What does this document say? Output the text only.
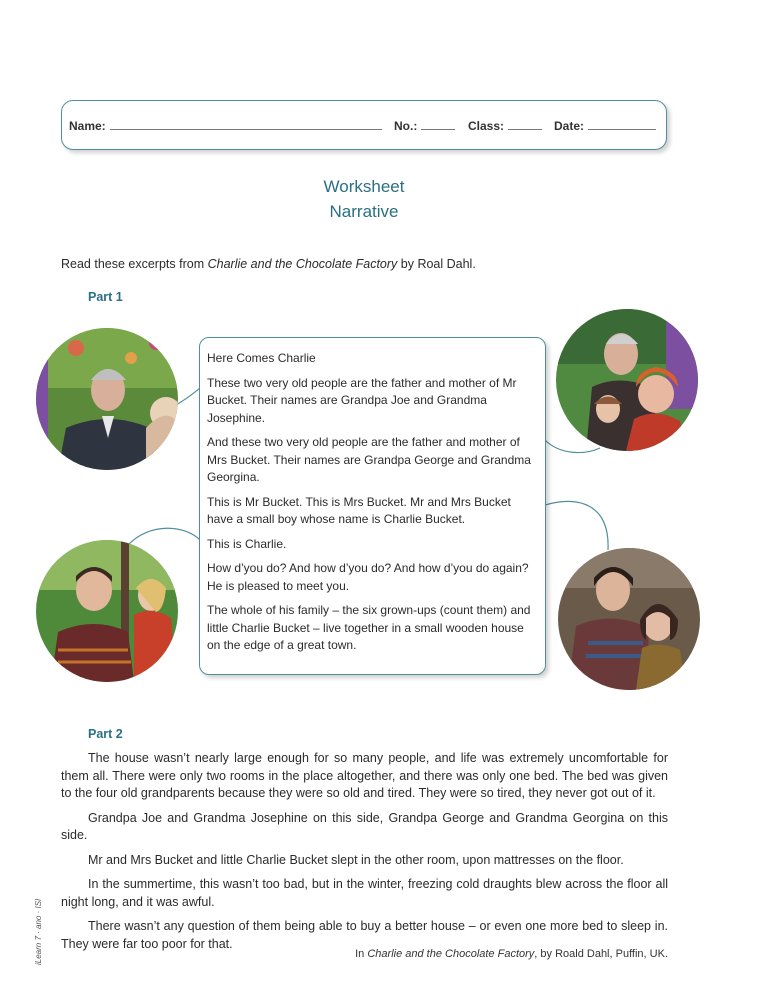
Name:	No.:	Class:	Date:
Worksheet
Narrative
Read these excerpts from Charlie and the Chocolate Factory by Roal Dahl.
Part 1

Here Comes Charlie

These two very old people are the father and mother of Mr Bucket. Their names are Grandpa Joe and Grandma Josephine.

And these two very old people are the father and mother of Mrs Bucket. Their names are Grandpa George and Grandma Georgina.

This is Mr Bucket. This is Mrs Bucket. Mr and Mrs Bucket have a small boy whose name is Charlie Bucket.

This is Charlie.

How d’you do? And how d’you do? And how d’you do again? He is pleased to meet you.

The whole of his family – the six grown-ups (count them) and little Charlie Bucket – live together in a small wooden house on the edge of a great town.

Part 2

The house wasn’t nearly large enough for so many people, and life was extremely uncomfortable for them all. There were only two rooms in the place altogether, and there was only one bed. The bed was given to the four old grandparents because they were so old and tired. They were so tired, they never got out of it.

Grandpa Joe and Grandma Josephine on this side, Grandpa George and Grandma Georgina on this side.

Mr and Mrs Bucket and little Charlie Bucket slept in the other room, upon mattresses on the floor.

In the summertime, this wasn’t too bad, but in the winter, freezing cold draughts blew across the floor all night long, and it was awful.

There wasn’t any question of them being able to buy a better house – or even one more bed to sleep in. They were far too poor for that.

In Charlie and the Chocolate Factory, by Roald Dahl, Puffin, UK.
iLearn 7 · ano · ISI
